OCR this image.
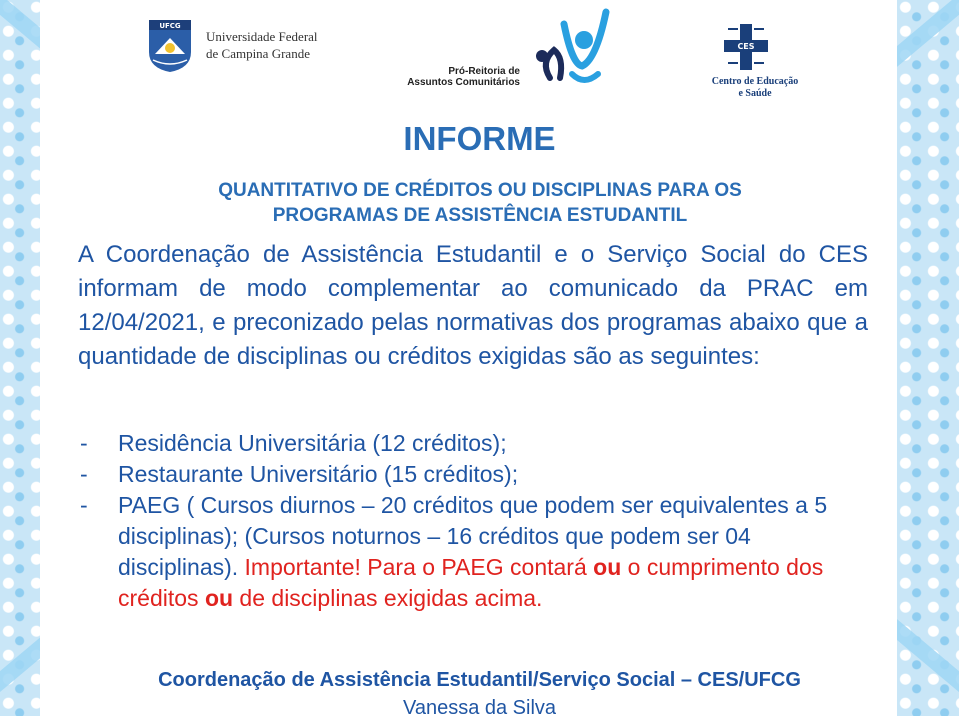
UFCG
Universidade Federal
de Campina Grande
Pró-Reitoria de
Assuntos Comunitários
CES
Centro de Educação
e Saúde
INFORME
QUANTITATIVO DE CRÉDITOS OU DISCIPLINAS PARA OS
PROGRAMAS DE ASSISTÊNCIA ESTUDANTIL
A Coordenação de Assistência Estudantil e o Serviço Social do CES informam de modo complementar ao comunicado da PRAC em 12/04/2021, e preconizado pelas normativas dos programas abaixo que a quantidade de disciplinas ou créditos exigidas são as seguintes:
- Residência Universitária (12 créditos);
- Restaurante Universitário (15 créditos);
- PAEG ( Cursos diurnos – 20 créditos que podem ser equivalentes a 5 disciplinas); (Cursos noturnos – 16 créditos que podem ser 04 disciplinas). Importante! Para o PAEG contará ou o cumprimento dos créditos ou de disciplinas exigidas acima.
Coordenação de Assistência Estudantil/Serviço Social – CES/UFCG
Vanessa da Silva
